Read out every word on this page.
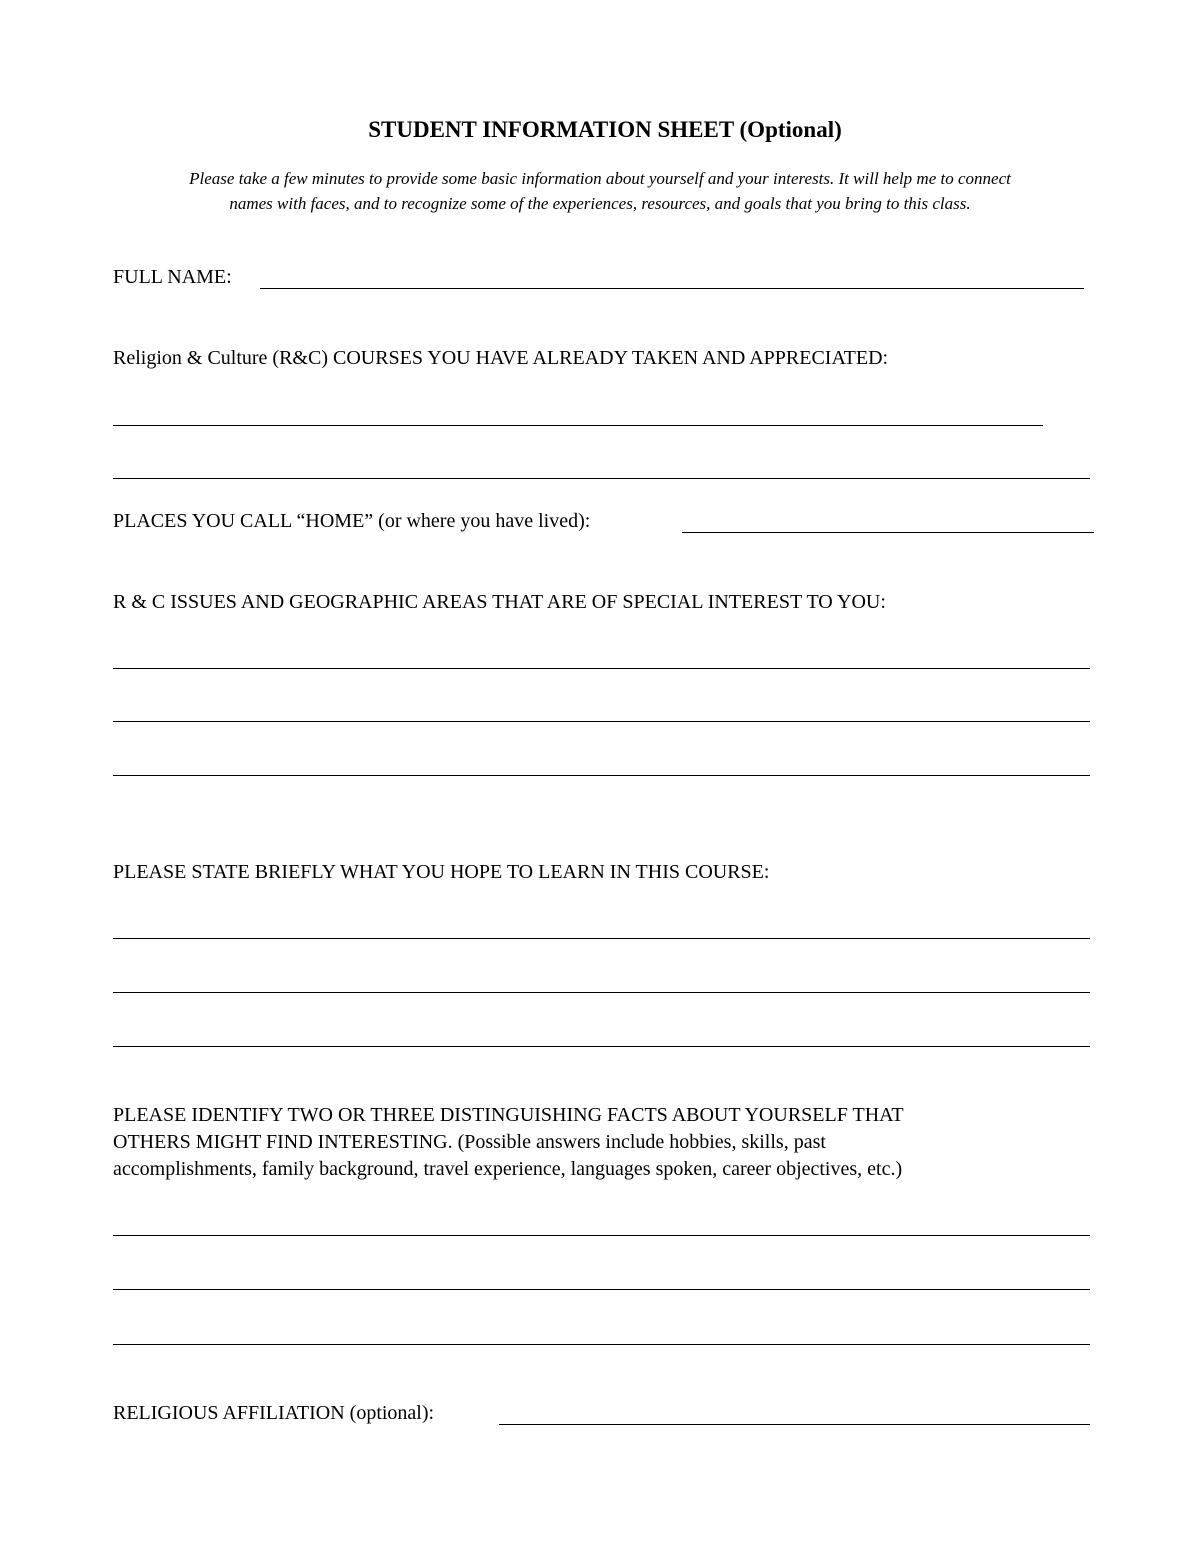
STUDENT INFORMATION SHEET (Optional)
Please take a few minutes to provide some basic information about yourself and your interests. It will help me to connect
names with faces, and to recognize some of the experiences, resources, and goals that you bring to this class.
FULL NAME:
Religion & Culture (R&C) COURSES YOU HAVE ALREADY TAKEN AND APPRECIATED:
PLACES YOU CALL “HOME” (or where you have lived):
R & C ISSUES AND GEOGRAPHIC AREAS THAT ARE OF SPECIAL INTEREST TO YOU:
PLEASE STATE BRIEFLY WHAT YOU HOPE TO LEARN IN THIS COURSE:
PLEASE IDENTIFY TWO OR THREE DISTINGUISHING FACTS ABOUT YOURSELF THAT
OTHERS MIGHT FIND INTERESTING. (Possible answers include hobbies, skills, past
accomplishments, family background, travel experience, languages spoken, career objectives, etc.)
RELIGIOUS AFFILIATION (optional):
